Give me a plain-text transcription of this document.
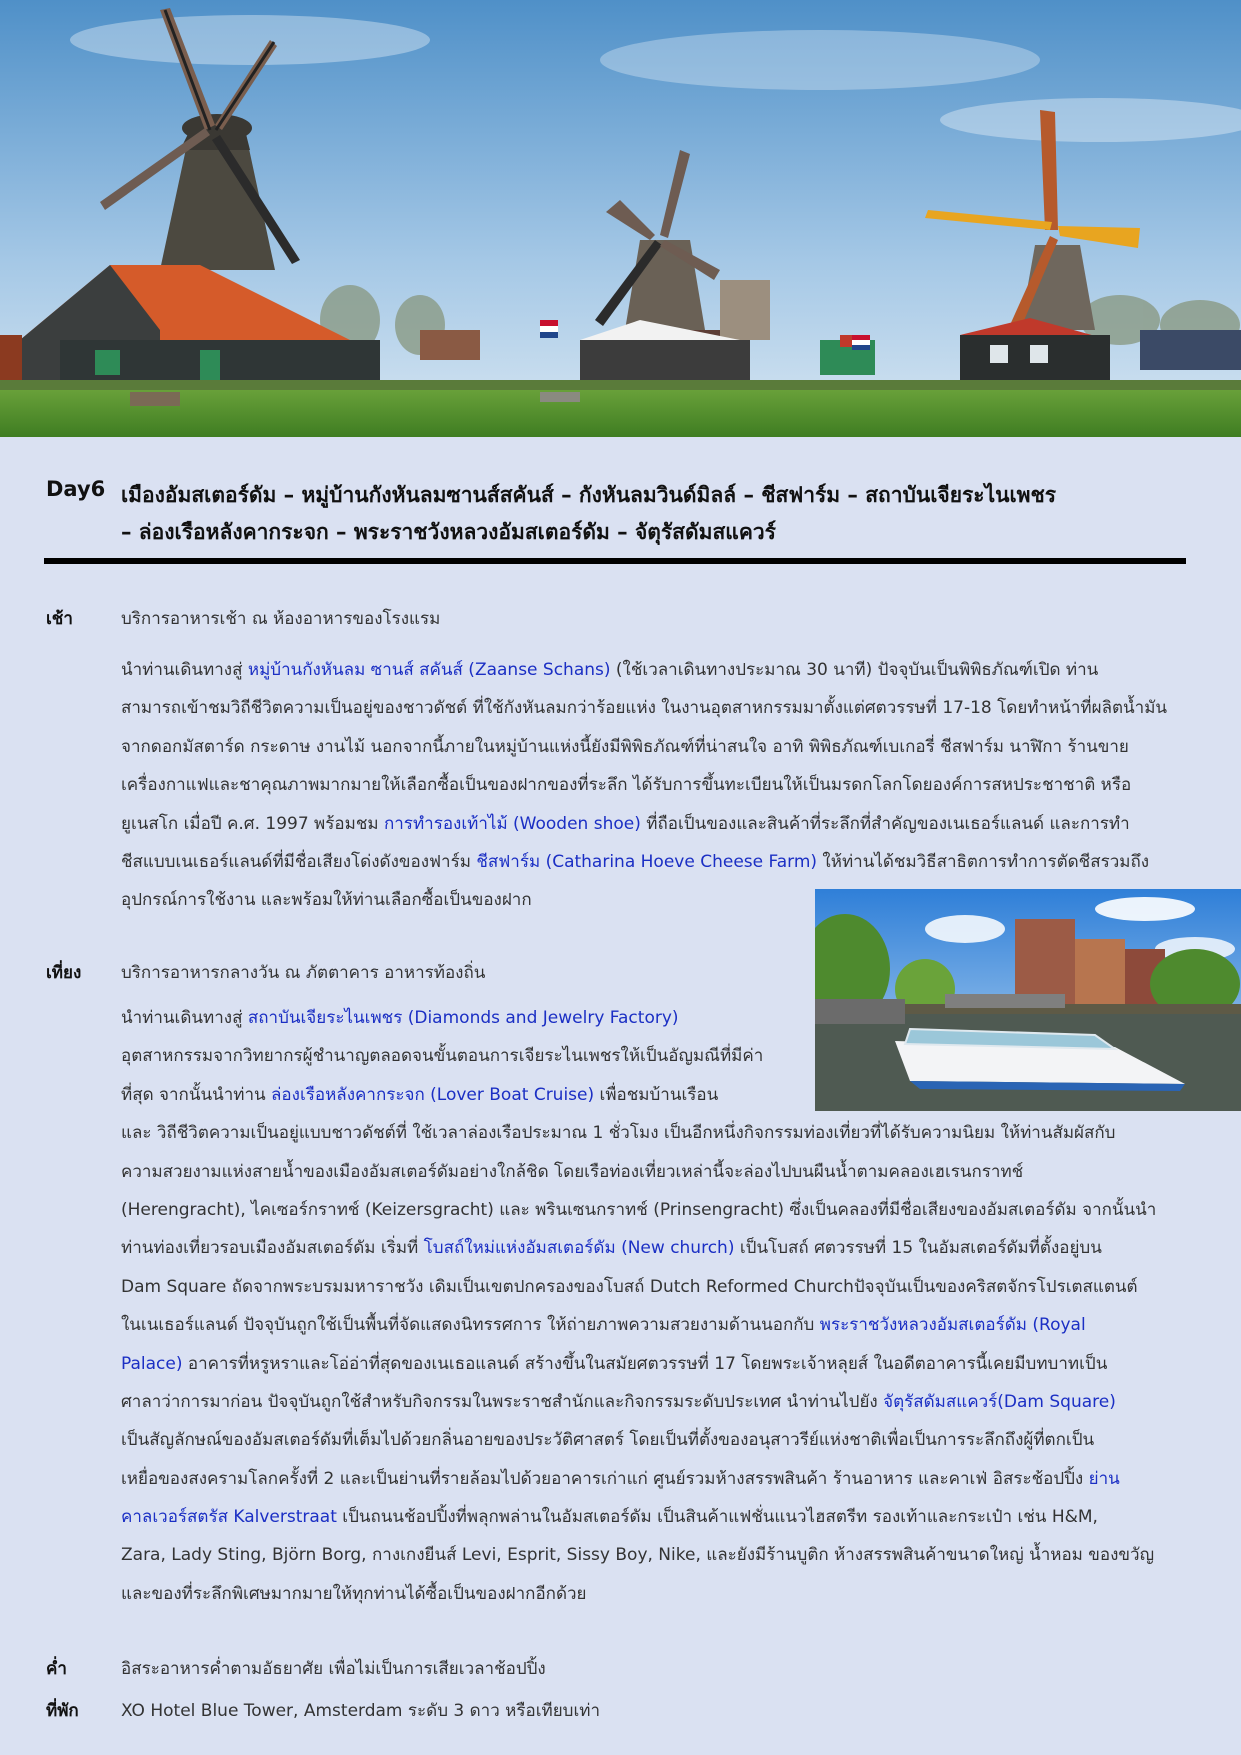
Day6 เมืองอัมสเตอร์ดัม – หมู่บ้านกังหันลมซานส์สคันส์ – กังหันลมวินด์มิลล์ – ชีสฟาร์ม – สถาบันเจียระไนเพชร
– ล่องเรือหลังคากระจก – พระราชวังหลวงอัมสเตอร์ดัม – จัตุรัสดัมสแควร์
เช้า	บริการอาหารเช้า ณ ห้องอาหารของโรงแรม
นำท่านเดินทางสู่ หมู่บ้านกังหันลม ซานส์ สคันส์ (Zaanse Schans) (ใช้เวลาเดินทางประมาณ 30 นาที) ปัจจุบันเป็นพิพิธภัณฑ์เปิด ท่าน
สามารถเข้าชมวิถีชีวิตความเป็นอยู่ของชาวดัชต์ ที่ใช้กังหันลมกว่าร้อยแห่ง ในงานอุตสาหกรรมมาตั้งแต่ศตวรรษที่ 17-18 โดยทำหน้าที่ผลิตน้ำมัน
จากดอกมัสตาร์ด กระดาษ งานไม้ นอกจากนี้ภายในหมู่บ้านแห่งนี้ยังมีพิพิธภัณฑ์ที่น่าสนใจ อาทิ พิพิธภัณฑ์เบเกอรี่ ชีสฟาร์ม นาฬิกา ร้านขาย
เครื่องกาแฟและชาคุณภาพมากมายให้เลือกซื้อเป็นของฝากของที่ระลึก ได้รับการขึ้นทะเบียนให้เป็นมรดกโลกโดยองค์การสหประชาชาติ หรือ
ยูเนสโก เมื่อปี ค.ศ. 1997 พร้อมชม การทำรองเท้าไม้ (Wooden shoe) ที่ถือเป็นของและสินค้าที่ระลึกที่สำคัญของเนเธอร์แลนด์ และการทำ
ชีสแบบเนเธอร์แลนด์ที่มีชื่อเสียงโด่งดังของฟาร์ม ชีสฟาร์ม (Catharina Hoeve Cheese Farm) ให้ท่านได้ชมวิธีสาธิตการทำการตัดชีสรวมถึง
อุปกรณ์การใช้งาน และพร้อมให้ท่านเลือกซื้อเป็นของฝาก
เที่ยง บริการอาหารกลางวัน ณ ภัตตาคาร อาหารท้องถิ่น
นำท่านเดินทางสู่ สถาบันเจียระไนเพชร (Diamonds and Jewelry Factory)
อุตสาหกรรมจากวิทยากรผู้ชำนาญตลอดจนขั้นตอนการเจียระไนเพชรให้เป็นอัญมณีที่มีค่า
ที่สุด จากนั้นนำท่าน ล่องเรือหลังคากระจก (Lover Boat Cruise) เพื่อชมบ้านเรือน
และ วิถีชีวิตความเป็นอยู่แบบชาวดัชต์ที่ ใช้เวลาล่องเรือประมาณ 1 ชั่วโมง เป็นอีกหนึ่งกิจกรรมท่องเที่ยวที่ได้รับความนิยม ให้ท่านสัมผัสกับ
ความสวยงามแห่งสายน้ำของเมืองอัมสเตอร์ดัมอย่างใกล้ชิด โดยเรือท่องเที่ยวเหล่านี้จะล่องไปบนผืนน้ำตามคลองเฮเรนกราทช์
(Herengracht), ไคเซอร์กราทช์ (Keizersgracht) และ พรินเซนกราทช์ (Prinsengracht) ซึ่งเป็นคลองที่มีชื่อเสียงของอัมสเตอร์ดัม จากนั้นนำ
ท่านท่องเที่ยวรอบเมืองอัมสเตอร์ดัม เริ่มที่ โบสถ์ใหม่แห่งอัมสเตอร์ดัม (New church) เป็นโบสถ์ ศตวรรษที่ 15 ในอัมสเตอร์ดัมที่ตั้งอยู่บน
Dam Square ถัดจากพระบรมมหาราชวัง เดิมเป็นเขตปกครองของโบสถ์ Dutch Reformed Churchปัจจุบันเป็นของคริสตจักรโปรเตสแตนต์
ในเนเธอร์แลนด์ ปัจจุบันถูกใช้เป็นพื้นที่จัดแสดงนิทรรศการ ให้ถ่ายภาพความสวยงามด้านนอกกับ พระราชวังหลวงอัมสเตอร์ดัม (Royal
Palace) อาคารที่หรูหราและโอ่อ่าที่สุดของเนเธอแลนด์ สร้างขึ้นในสมัยศตวรรษที่ 17 โดยพระเจ้าหลุยส์ ในอดีตอาคารนี้เคยมีบทบาทเป็น
ศาลาว่าการมาก่อน ปัจจุบันถูกใช้สำหรับกิจกรรมในพระราชสำนักและกิจกรรมระดับประเทศ นำท่านไปยัง จัตุรัสดัมสแควร์(Dam Square)
เป็นสัญลักษณ์ของอัมสเตอร์ดัมที่เต็มไปด้วยกลิ่นอายของประวัติศาสตร์ โดยเป็นที่ตั้งของอนุสาวรีย์แห่งชาติเพื่อเป็นการระลึกถึงผู้ที่ตกเป็น
เหยื่อของสงครามโลกครั้งที่ 2 และเป็นย่านที่รายล้อมไปด้วยอาคารเก่าแก่ ศูนย์รวมห้างสรรพสินค้า ร้านอาหาร และคาเฟ่ อิสระช้อปปิ้ง ย่าน
คาลเวอร์สตรัส Kalverstraat เป็นถนนช้อปปิ้งที่พลุกพล่านในอัมสเตอร์ดัม เป็นสินค้าแฟชั่นแนวไฮสตรีท รองเท้าและกระเป๋า เช่น H&M,
Zara, Lady Sting, Björn Borg, กางเกงยีนส์ Levi, Esprit, Sissy Boy, Nike, และยังมีร้านบูติก ห้างสรรพสินค้าขนาดใหญ่ น้ำหอม ของขวัญ
และของที่ระลึกพิเศษมากมายให้ทุกท่านได้ซื้อเป็นของฝากอีกด้วย
ค่ำ	อิสระอาหารค่ำตามอัธยาศัย เพื่อไม่เป็นการเสียเวลาช้อปปิ้ง
ที่พัก XO Hotel Blue Tower, Amsterdam ระดับ 3 ดาว หรือเทียบเท่า
